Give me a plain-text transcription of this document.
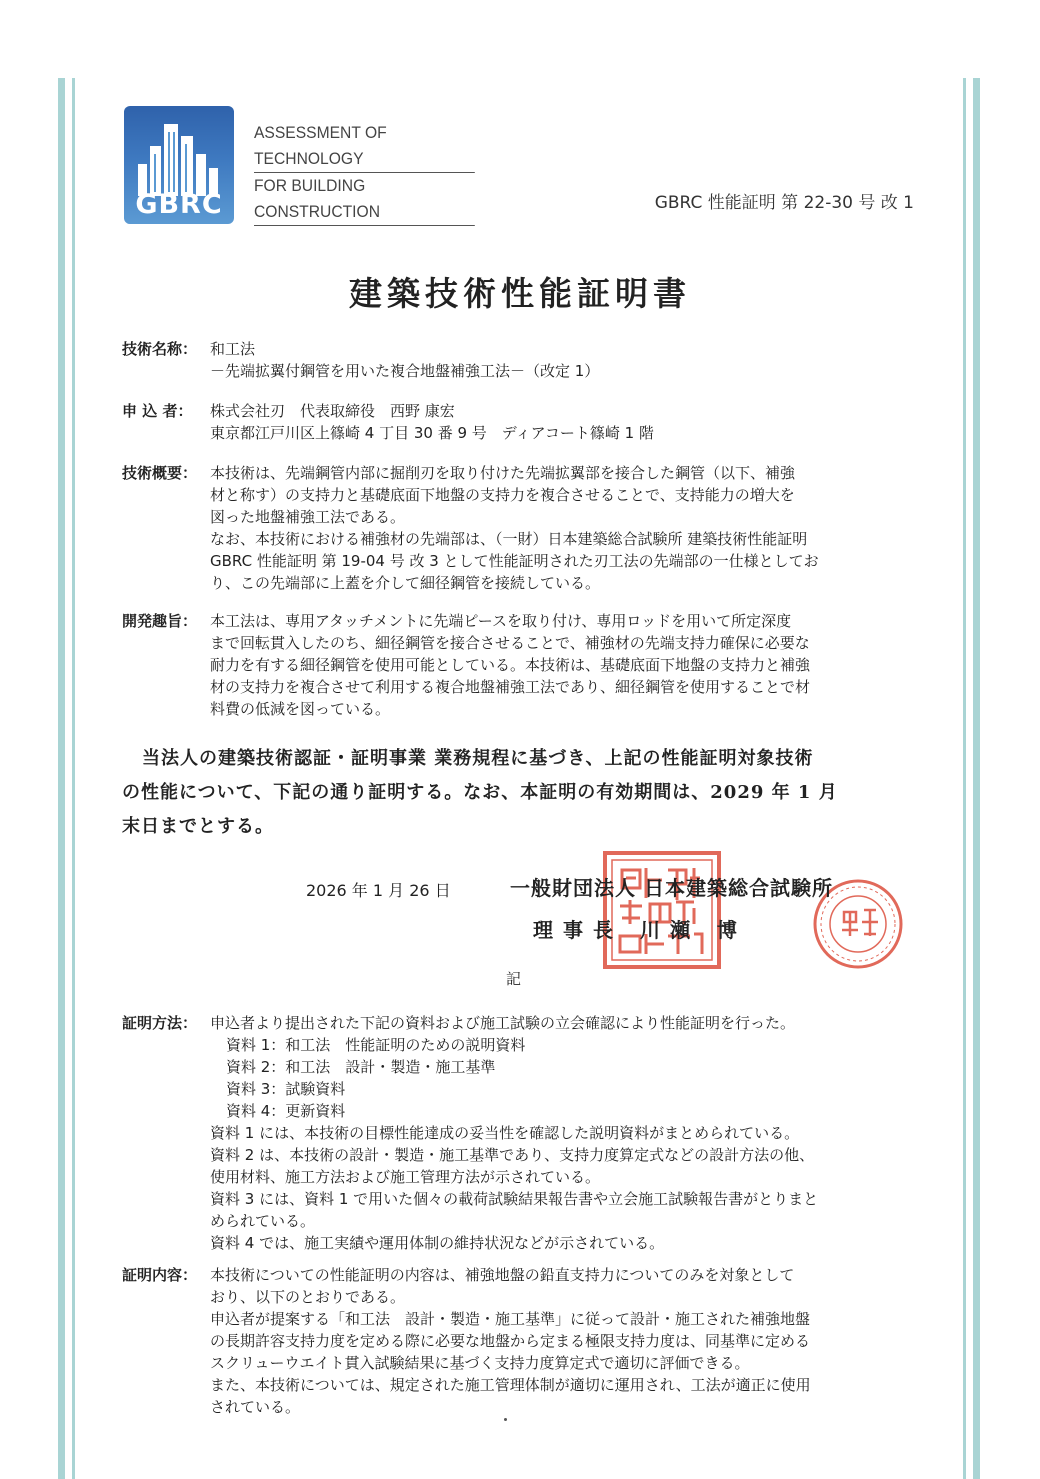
GBRC
ASSESSMENT OF TECHNOLOGY
FOR BUILDING CONSTRUCTION	GBRC 性能証明 第 22-30 号 改 1
建築技術性能証明書
技術名称： 和工法
－先端拡翼付鋼管を用いた複合地盤補強工法－（改定 1）
申 込 者：	株式会社刃　代表取締役　西野 康宏
東京都江戸川区上篠崎 4 丁目 30 番 9 号　ディアコート篠崎 1 階
技術概要： 本技術は、先端鋼管内部に掘削刃を取り付けた先端拡翼部を接合した鋼管（以下、補強
材と称す）の支持力と基礎底面下地盤の支持力を複合させることで、支持能力の増大を
図った地盤補強工法である。
なお、本技術における補強材の先端部は、（一財）日本建築総合試験所 建築技術性能証明
GBRC 性能証明 第 19-04 号 改 3 として性能証明された刃工法の先端部の一仕様としてお
り、この先端部に上蓋を介して細径鋼管を接続している。
開発趣旨： 本工法は、専用アタッチメントに先端ピースを取り付け、専用ロッドを用いて所定深度
まで回転貫入したのち、細径鋼管を接合させることで、補強材の先端支持力確保に必要な
耐力を有する細径鋼管を使用可能としている。本技術は、基礎底面下地盤の支持力と補強
材の支持力を複合させて利用する複合地盤補強工法であり、細径鋼管を使用することで材
料費の低減を図っている。
当法人の建築技術認証・証明事業 業務規程に基づき、上記の性能証明対象技術
の性能について、下記の通り証明する。なお、本証明の有効期間は、2029 年 1 月
末日までとする。
2026 年 1 月 26 日	一般財団法人 日本建築総合試験所
理事長 川瀬 博
記
証明方法： 申込者より提出された下記の資料および施工試験の立会確認により性能証明を行った。
資料 1：和工法　性能証明のための説明資料
資料 2：和工法　設計・製造・施工基準
資料 3：試験資料
資料 4：更新資料
資料 1 には、本技術の目標性能達成の妥当性を確認した説明資料がまとめられている。
資料 2 は、本技術の設計・製造・施工基準であり、支持力度算定式などの設計方法の他、
使用材料、施工方法および施工管理方法が示されている。
資料 3 には、資料 1 で用いた個々の載荷試験結果報告書や立会施工試験報告書がとりまと
められている。
資料 4 では、施工実績や運用体制の維持状況などが示されている。
証明内容： 本技術についての性能証明の内容は、補強地盤の鉛直支持力についてのみを対象として
おり、以下のとおりである。
申込者が提案する「和工法　設計・製造・施工基準」に従って設計・施工された補強地盤
の長期許容支持力度を定める際に必要な地盤から定まる極限支持力度は、同基準に定める
スクリューウエイト貫入試験結果に基づく支持力度算定式で適切に評価できる。
また、本技術については、規定された施工管理体制が適切に運用され、工法が適正に使用
されている。
